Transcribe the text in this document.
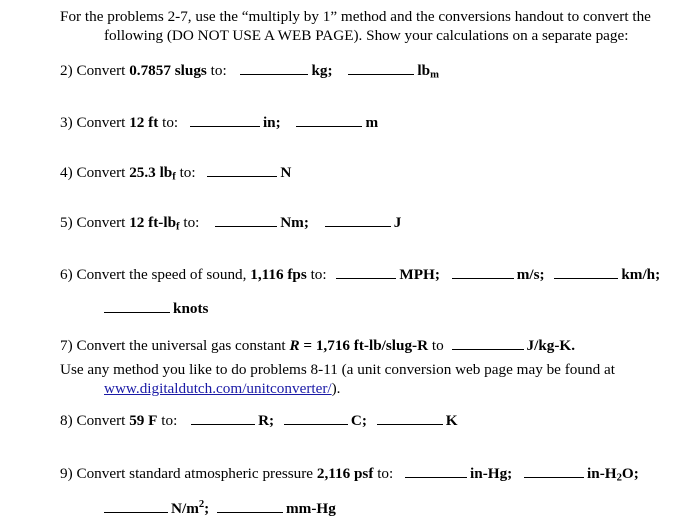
For the problems 2-7, use the “multiply by 1” method and the conversions handout to convert the
following (DO NOT USE A WEB PAGE). Show your calculations on a separate page:
2) Convert 0.7857 slugs to:	kg;	$lb_m$
3) Convert 12 ft to:	in;	m
4) Convert 25.3 $lb_f$ to:	N
5) Convert 12 $ft-lb_f$ to:	Nm;	J
6) Convert the speed of sound, 1,116 fps to:	MPH;	m/s;	km/h;
knots
7) Convert the universal gas constant R = 1,716 ft-lb/slug-R to	J/kg-K.
Use any method you like to do problems 8-11 (a unit conversion web page may be found at
www.digitaldutch.com/unitconverter/).
8) Convert 59 F to:	R;	C;	K
9) Convert standard atmospheric pressure 2,116 psf to:	in-Hg;	$in-H_2O$;
$N/m^2$;	mm-Hg
